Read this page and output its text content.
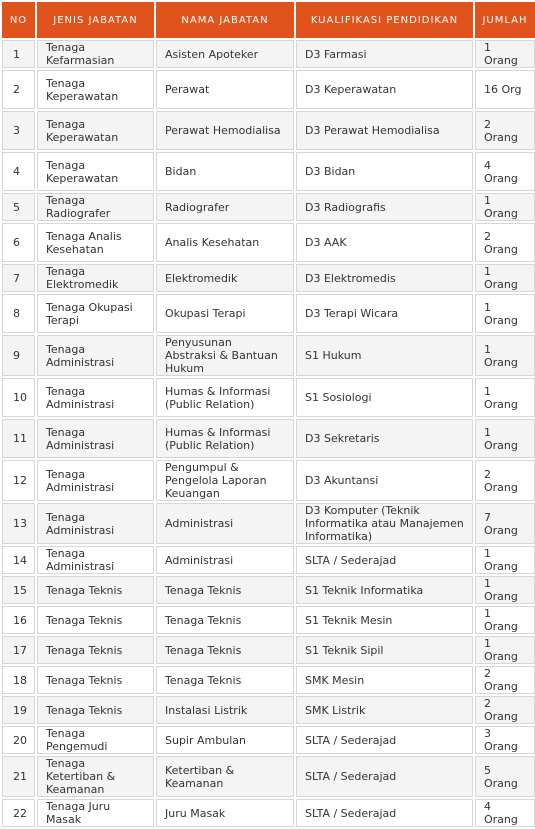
NO	JENIS JABATAN	NAMA JABATAN	KUALIFIKASI PENDIDIKAN	JUMLAH
1	Tenaga Kefarmasian	Asisten Apoteker	D3 Farmasi	1 Orang
2	Tenaga Keperawatan	Perawat	D3 Keperawatan	16 Org
3	Tenaga Keperawatan	Perawat Hemodialisa	D3 Perawat Hemodialisa	2 Orang
4	Tenaga Keperawatan	Bidan	D3 Bidan	4 Orang
5	Tenaga Radiografer	Radiografer	D3 Radiografis	1 Orang
6	Tenaga Analis Kesehatan	Analis Kesehatan	D3 AAK	2 Orang
7	Tenaga Elektromedik	Elektromedik	D3 Elektromedis	1 Orang
8	Tenaga Okupasi Terapi	Okupasi Terapi	D3 Terapi Wicara	1 Orang
9	Tenaga Administrasi	Penyusunan Abstraksi & Bantuan Hukum	S1 Hukum	1 Orang
10	Tenaga Administrasi	Humas & Informasi (Public Relation)	S1 Sosiologi	1 Orang
11	Tenaga Administrasi	Humas & Informasi (Public Relation)	D3 Sekretaris	1 Orang
12	Tenaga Administrasi	Pengumpul & Pengelola Laporan Keuangan	D3 Akuntansi	2 Orang
13	Tenaga Administrasi	Administrasi	D3 Komputer (Teknik Informatika atau Manajemen Informatika)	7 Orang
14	Tenaga Administrasi	Administrasi	SLTA / Sederajad	1 Orang
15	Tenaga Teknis	Tenaga Teknis	S1 Teknik Informatika	1 Orang
16	Tenaga Teknis	Tenaga Teknis	S1 Teknik Mesin	1 Orang
17	Tenaga Teknis	Tenaga Teknis	S1 Teknik Sipil	1 Orang
18	Tenaga Teknis	Tenaga Teknis	SMK Mesin	2 Orang
19	Tenaga Teknis	Instalasi Listrik	SMK Listrik	2 Orang
20	Tenaga Pengemudi	Supir Ambulan	SLTA / Sederajad	3 Orang
21	Tenaga Ketertiban & Keamanan	Ketertiban & Keamanan	SLTA / Sederajad	5 Orang
22	Tenaga Juru Masak	Juru Masak	SLTA / Sederajad	4 Orang
